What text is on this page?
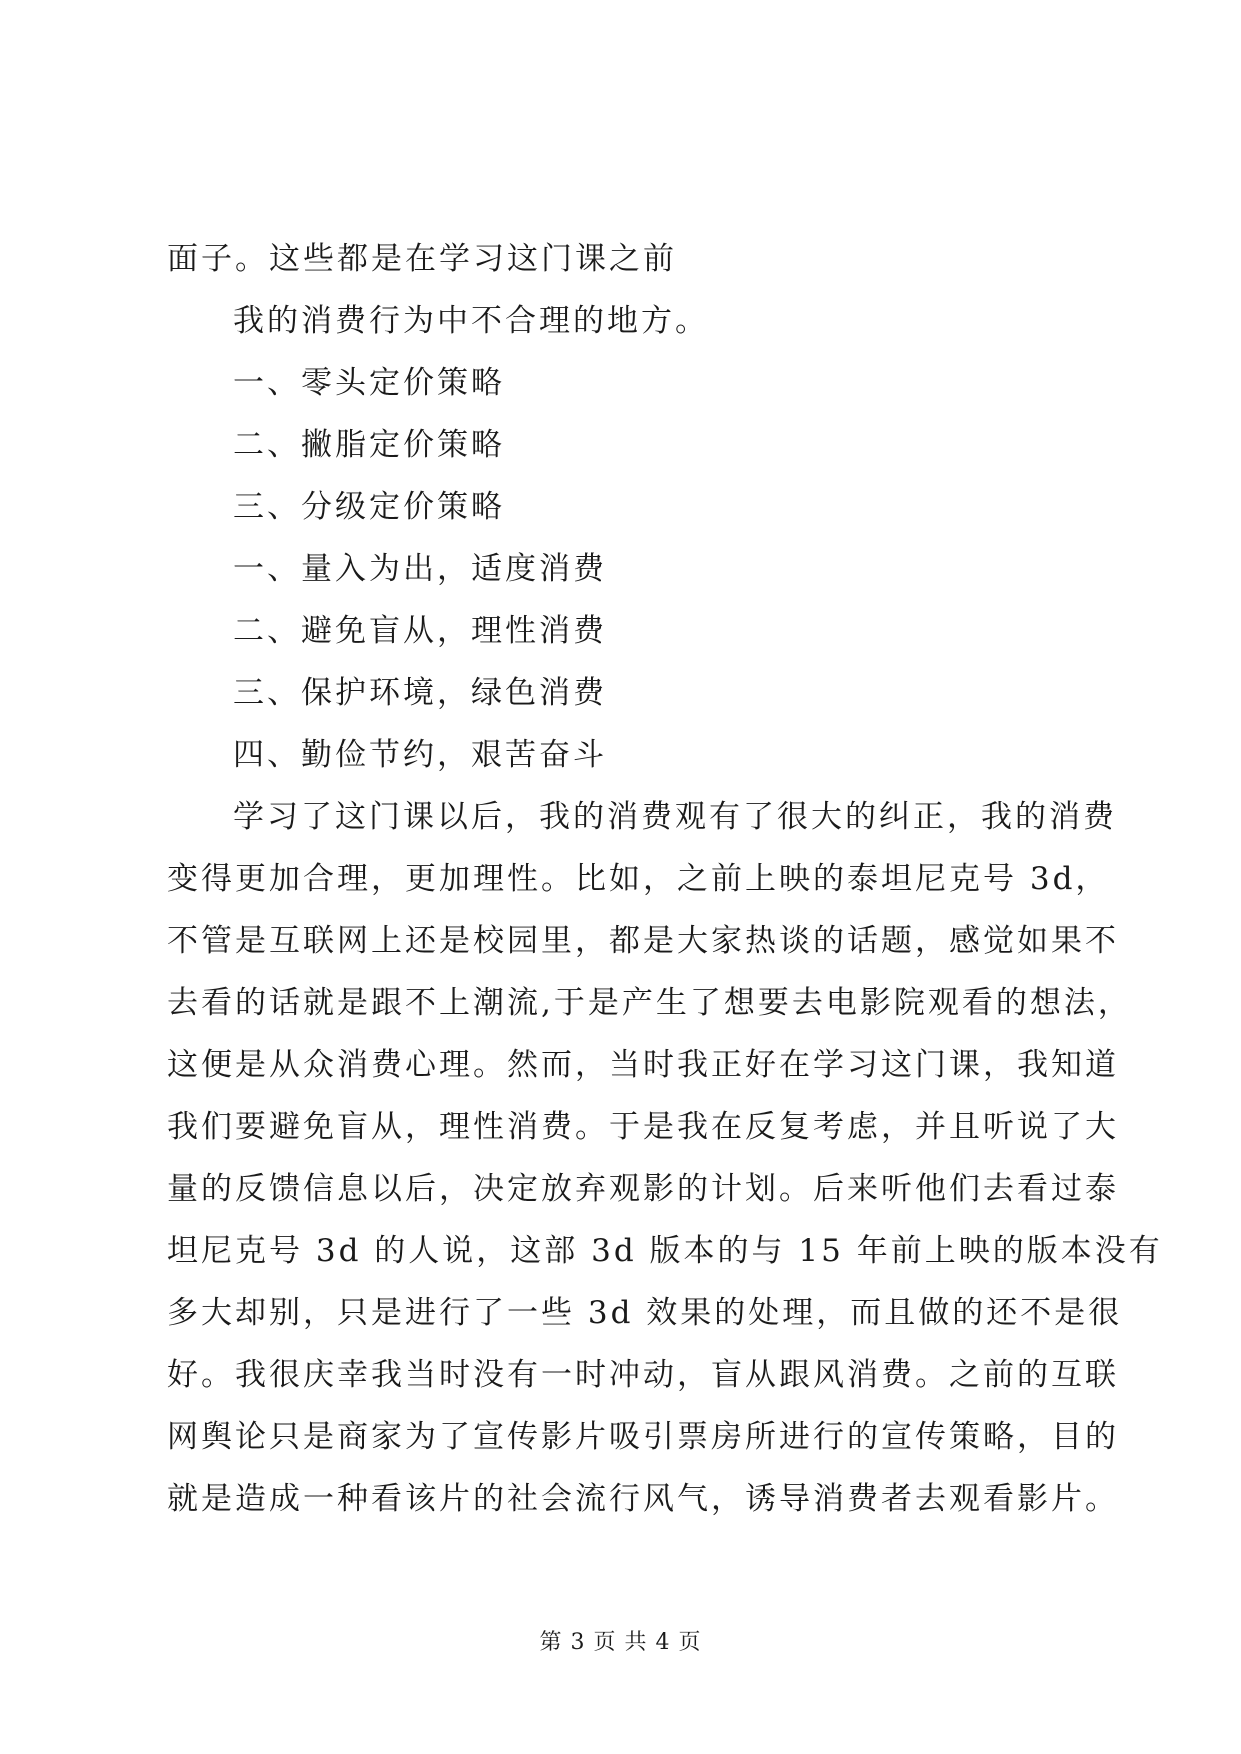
面子。这些都是在学习这门课之前
我的消费行为中不合理的地方。
一、零头定价策略
二、撇脂定价策略
三、分级定价策略
一、量入为出，适度消费
二、避免盲从，理性消费
三、保护环境，绿色消费
四、勤俭节约，艰苦奋斗
学习了这门课以后，我的消费观有了很大的纠正，我的消费
变得更加合理，更加理性。比如，之前上映的泰坦尼克号 3d，
不管是互联网上还是校园里，都是大家热谈的话题，感觉如果不
去看的话就是跟不上潮流,于是产生了想要去电影院观看的想法，
这便是从众消费心理。然而，当时我正好在学习这门课，我知道
我们要避免盲从，理性消费。于是我在反复考虑，并且听说了大
量的反馈信息以后，决定放弃观影的计划。后来听他们去看过泰
坦尼克号 3d 的人说，这部 3d 版本的与 15 年前上映的版本没有
多大却别，只是进行了一些 3d 效果的处理，而且做的还不是很
好。我很庆幸我当时没有一时冲动，盲从跟风消费。之前的互联
网舆论只是商家为了宣传影片吸引票房所进行的宣传策略，目的
就是造成一种看该片的社会流行风气，诱导消费者去观看影片。
第 3 页 共 4 页
